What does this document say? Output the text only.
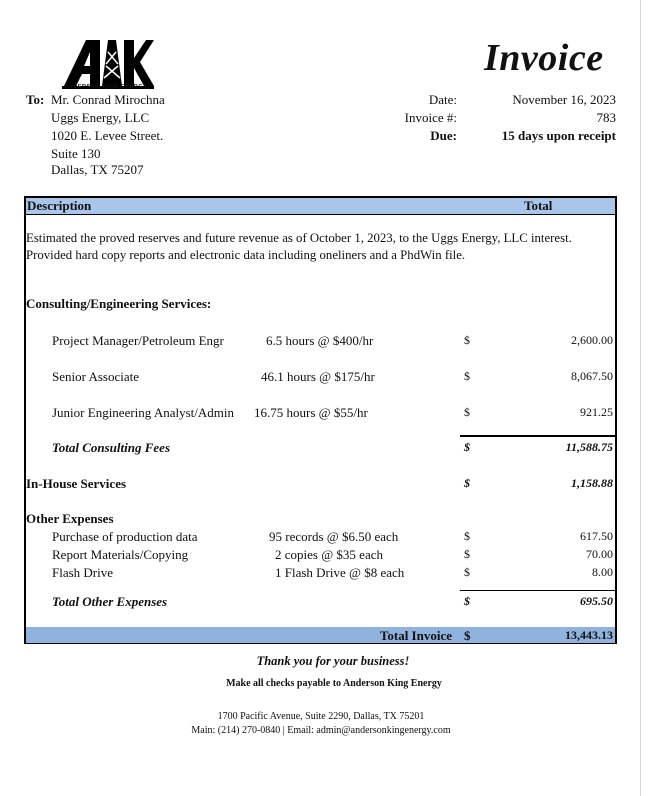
ANDERSON KING ENERGY
Invoice
To: Mr. Conrad Mirochna
Uggs Energy, LLC
1020 E. Levee Street.
Suite 130
Dallas, TX 75207
Date:	November 16, 2023
Invoice #:	783
Due:	15 days upon receipt
Description	Total
Estimated the proved reserves and future revenue as of October 1, 2023, to the Uggs Energy, LLC interest.
Provided hard copy reports and electronic data including oneliners and a PhdWin file.
Consulting/Engineering Services:
Project Manager/Petroleum Engr	6.5 hours @ $400/hr	$	2,600.00
Senior Associate	46.1 hours @ $175/hr	$	8,067.50
Junior Engineering Analyst/Admin 16.75 hours @ $55/hr	$	921.25
Total Consulting Fees	$	11,588.75
In-House Services	$	1,158.88
Other Expenses
Purchase of production data	95 records @ $6.50 each	$	617.50
Report Materials/Copying	2 copies @ $35 each	$	70.00
Flash Drive	1 Flash Drive @ $8 each	$	8.00
Total Other Expenses	$	695.50
Total Invoice $	13,443.13
Thank you for your business!
Make all checks payable to Anderson King Energy
1700 Pacific Avenue, Suite 2290, Dallas, TX 75201
Main: (214) 270-0840 | Email: admin@andersonkingenergy.com
